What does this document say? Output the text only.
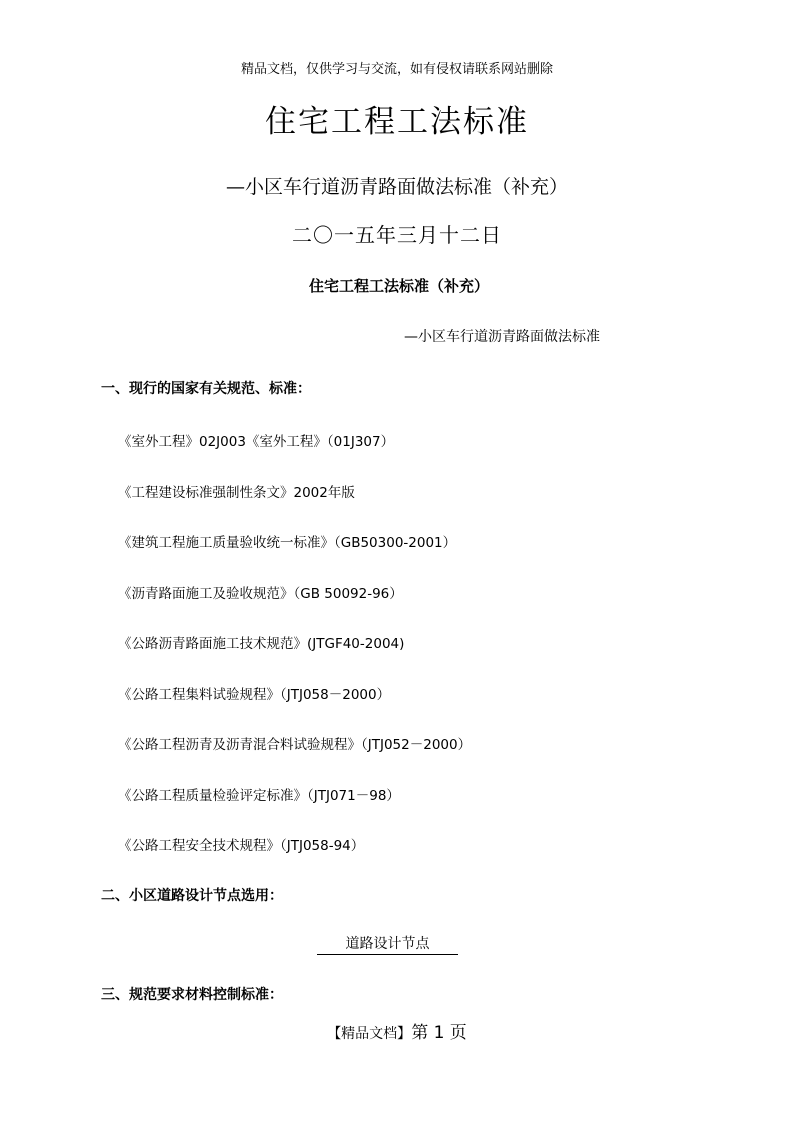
精品文档，仅供学习与交流，如有侵权请联系网站删除
住宅工程工法标准
—小区车行道沥青路面做法标准（补充）
二〇一五年三月十二日
住宅工程工法标准（补充）
—小区车行道沥青路面做法标准
一、现行的国家有关规范、标准：
《室外工程》02J003《室外工程》（01J307）
《工程建设标准强制性条文》2002年版
《建筑工程施工质量验收统一标准》（GB50300-2001）
《沥青路面施工及验收规范》（GB 50092-96）
《公路沥青路面施工技术规范》(JTGF40-2004)
《公路工程集料试验规程》（JTJ058－2000）
《公路工程沥青及沥青混合料试验规程》（JTJ052－2000）
《公路工程质量检验评定标准》（JTJ071－98）
《公路工程安全技术规程》（JTJ058-94）
二、小区道路设计节点选用：
道路设计节点
三、规范要求材料控制标准：
【精品文档】第 1 页
